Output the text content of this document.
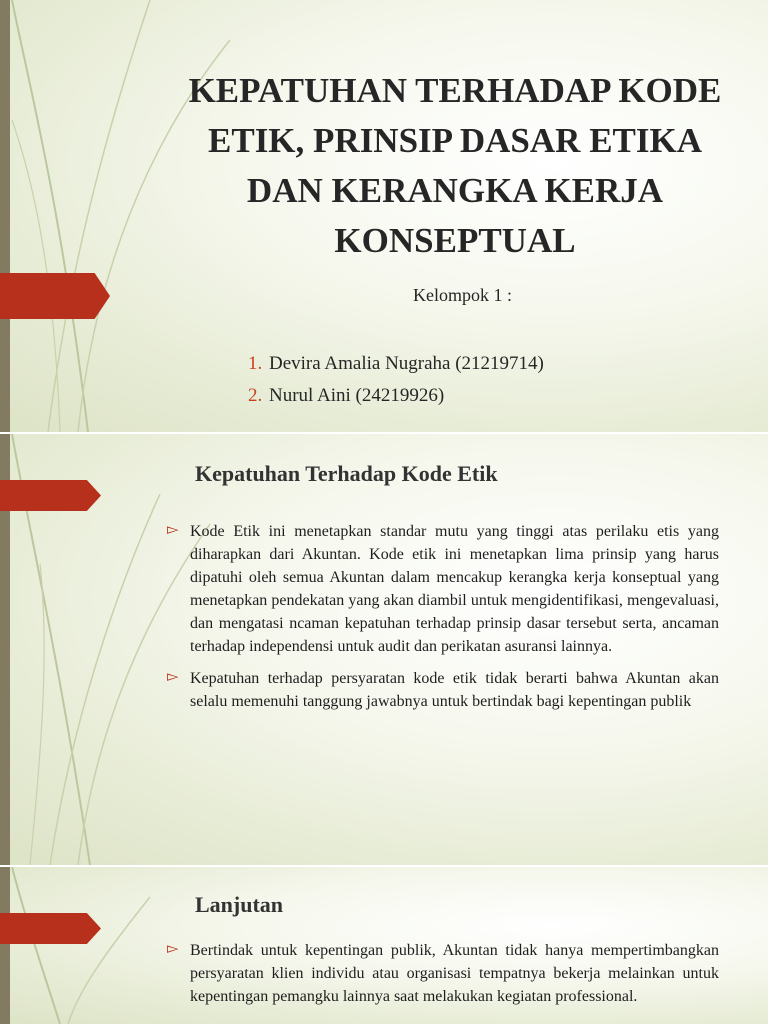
KEPATUHAN TERHADAP KODE ETIK, PRINSIP DASAR ETIKA DAN KERANGKA KERJA KONSEPTUAL
Kelompok 1 :
1. Devira Amalia Nugraha (21219714)
2. Nurul Aini (24219926)
Kepatuhan Terhadap Kode Etik
▻ Kode Etik ini menetapkan standar mutu yang tinggi atas perilaku etis yang diharapkan dari Akuntan. Kode etik ini menetapkan lima prinsip yang harus dipatuhi oleh semua Akuntan dalam mencakup kerangka kerja konseptual yang menetapkan pendekatan yang akan diambil untuk mengidentifikasi, mengevaluasi, dan mengatasi ncaman kepatuhan terhadap prinsip dasar tersebut serta, ancaman terhadap independensi untuk audit dan perikatan asuransi lainnya.
▻ Kepatuhan terhadap persyaratan kode etik tidak berarti bahwa Akuntan akan selalu memenuhi tanggung jawabnya untuk bertindak bagi kepentingan publik
Lanjutan
▻ Bertindak untuk kepentingan publik, Akuntan tidak hanya mempertimbangkan persyaratan klien individu atau organisasi tempatnya bekerja melainkan untuk kepentingan pemangku lainnya saat melakukan kegiatan professional.
